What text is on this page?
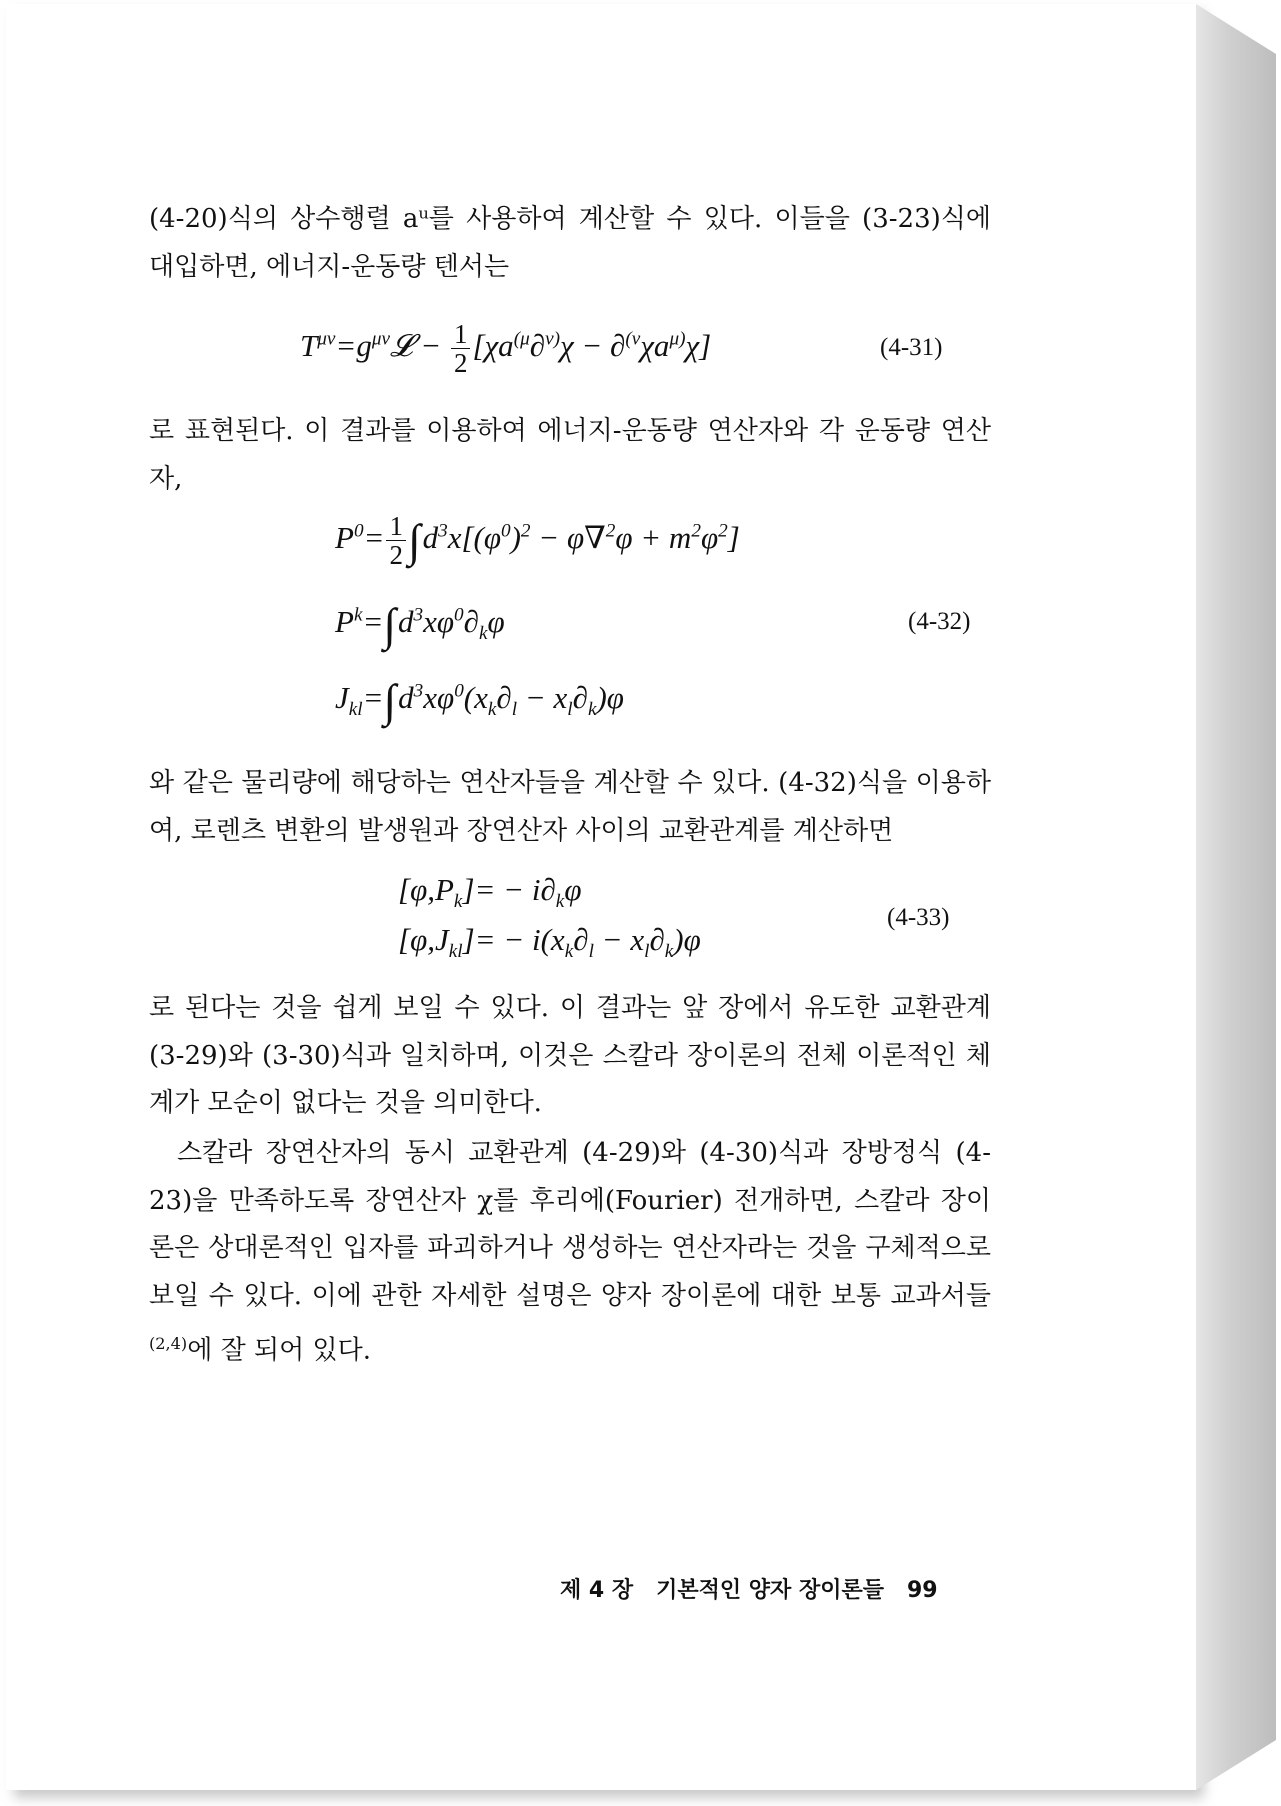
(4-20)식의 상수행렬 aᵘ를 사용하여 계산할 수 있다. 이들을 (3-23)식에 대입하면, 에너지-운동량 텐서는

$T^{\mu\nu}=g^{\mu\nu}𝓛 - \frac{1}{2} [\chi a^{(\mu}\partial^{\nu)}\chi - \partial^{(\nu}\chi a^{\mu)}\chi]$	(4-31)

로 표현된다. 이 결과를 이용하여 에너지-운동량 연산자와 각 운동량 연산자,

$P^0= \frac{1}{2} \int d^3x[(\varphi^0)^2 - \varphi\nabla^2\varphi + m^2\varphi^2]$
$P^k=\int d^3x\varphi^0\partial_k\varphi$
$J_{kl}=\int d^3x\varphi^0(x_k\partial_l - x_l\partial_k)\varphi$
(4-32)

와 같은 물리량에 해당하는 연산자들을 계산할 수 있다. (4-32)식을 이용하여, 로렌츠 변환의 발생원과 장연산자 사이의 교환관계를 계산하면

$[\varphi,P_k]= - i\partial_k\varphi$
$[\varphi,J_{kl}]= - i(x_k\partial_l - x_l\partial_k)\varphi$
(4-33)

로 된다는 것을 쉽게 보일 수 있다. 이 결과는 앞 장에서 유도한 교환관계 (3-29)와 (3-30)식과 일치하며, 이것은 스칼라 장이론의 전체 이론적인 체계가 모순이 없다는 것을 의미한다.

스칼라 장연산자의 동시 교환관계 (4-29)와 (4-30)식과 장방정식 (4-23)을 만족하도록 장연산자 χ를 후리에(Fourier) 전개하면, 스칼라 장이론은 상대론적인 입자를 파괴하거나 생성하는 연산자라는 것을 구체적으로 보일 수 있다. 이에 관한 자세한 설명은 양자 장이론에 대한 보통 교과서들$^{(2,4)}$에 잘 되어 있다.

제 4 장 기본적인 양자 장이론들 99
